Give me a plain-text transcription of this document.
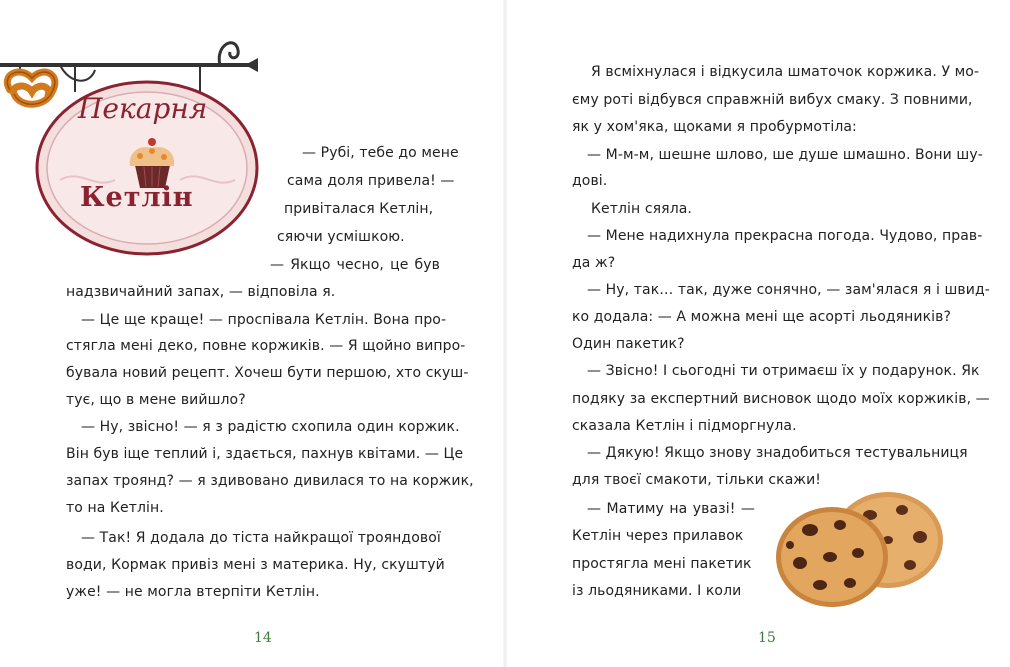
Пекарня
Кетлін
— Рубі, тебе до мене
сама доля привела! —
привіталася Кетлін,
сяючи усмішкою.
— Якщо чесно, це був
надзвичайний запах, — відповіла я.
— Це ще краще! — проспівала Кетлін. Вона про-
стягла мені деко, повне коржиків. — Я щойно випро-
бувала новий рецепт. Хочеш бути першою, хто скуш-
тує, що в мене вийшло?
— Ну, звісно! — я з радістю схопила один коржик.
Він був іще теплий і, здається, пахнув квітами. — Це
запах троянд? — я здивовано дивилася то на коржик,
то на Кетлін.
— Так! Я додала до тіста найкращої трояндової
води, Кормак привіз мені з материка. Ну, скуштуй
уже! — не могла втерпіти Кетлін.
14
Я всміхнулася і відкусила шматочок коржика. У мо-
єму роті відбувся справжній вибух смаку. З повними,
як у хом'яка, щоками я пробурмотіла:
— М-м-м, шешне шлово, ше душе шмашно. Вони шу-
дові.
Кетлін сяяла.
— Мене надихнула прекрасна погода. Чудово, прав-
да ж?
— Ну, так… так, дуже сонячно, — зам'ялася я і швид-
ко додала: — А можна мені ще асорті льодяників?
Один пакетик?
— Звісно! І сьогодні ти отримаєш їх у подарунок. Як
подяку за експертний висновок щодо моїх коржиків, —
сказала Кетлін і підморгнула.
— Дякую! Якщо знову знадобиться тестувальниця
для твоєї смакоти, тільки скажи!
— Матиму на увазі! —
Кетлін через прилавок
простягла мені пакетик
із льодяниками. І коли
15
